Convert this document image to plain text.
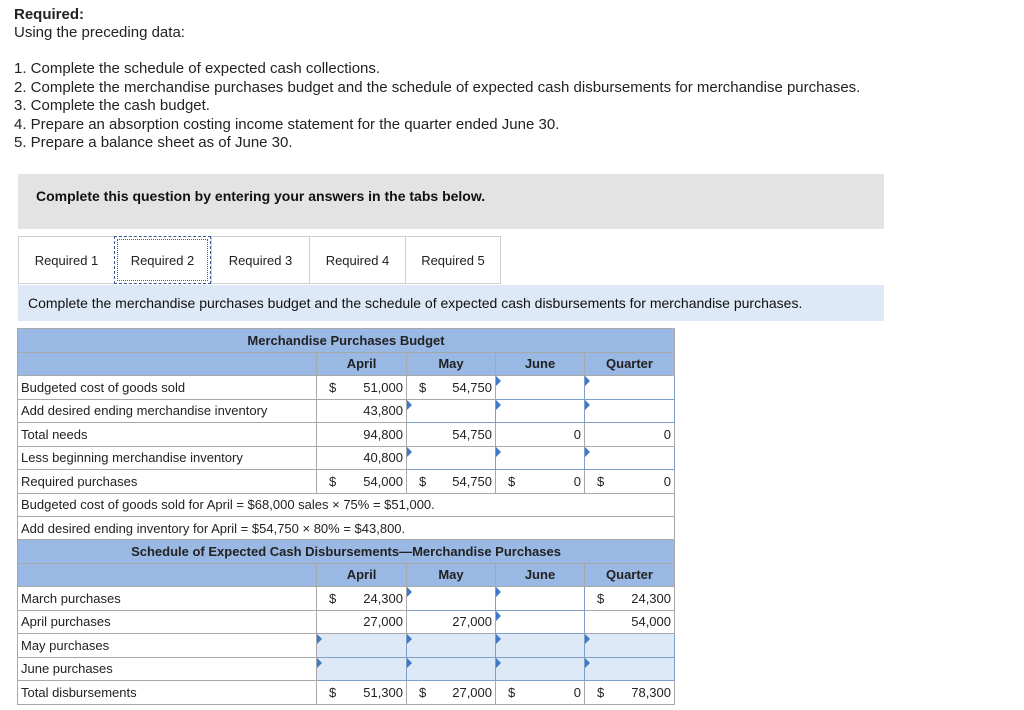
Required:
Using the preceding data:
1. Complete the schedule of expected cash collections.
2. Complete the merchandise purchases budget and the schedule of expected cash disbursements for merchandise purchases.
3. Complete the cash budget.
4. Prepare an absorption costing income statement for the quarter ended June 30.
5. Prepare a balance sheet as of June 30.
Complete this question by entering your answers in the tabs below.
Required 1	Required 2	Required 3	Required 4	Required 5
Complete the merchandise purchases budget and the schedule of expected cash disbursements for merchandise purchases.
Merchandise Purchases Budget				
	April	May	June	Quarter
Budgeted cost of goods sold	$ 51,000	$ 54,750		
Add desired ending merchandise inventory	43,800			
Total needs	94,800	54,750	0	0
Less beginning merchandise inventory	40,800			
Required purchases	$ 54,000	$ 54,750	$ 0	$ 0
Budgeted cost of goods sold for April = $68,000 sales × 75% = $51,000.				
Add desired ending inventory for April = $54,750 × 80% = $43,800.				
Schedule of Expected Cash Disbursements—Merchandise Purchases				
	April	May	June	Quarter
March purchases	$ 24,300			$ 24,300
April purchases	27,000	27,000		54,000
May purchases				
June purchases				
Total disbursements	$ 51,300	$ 27,000	$ 0	$ 78,300
